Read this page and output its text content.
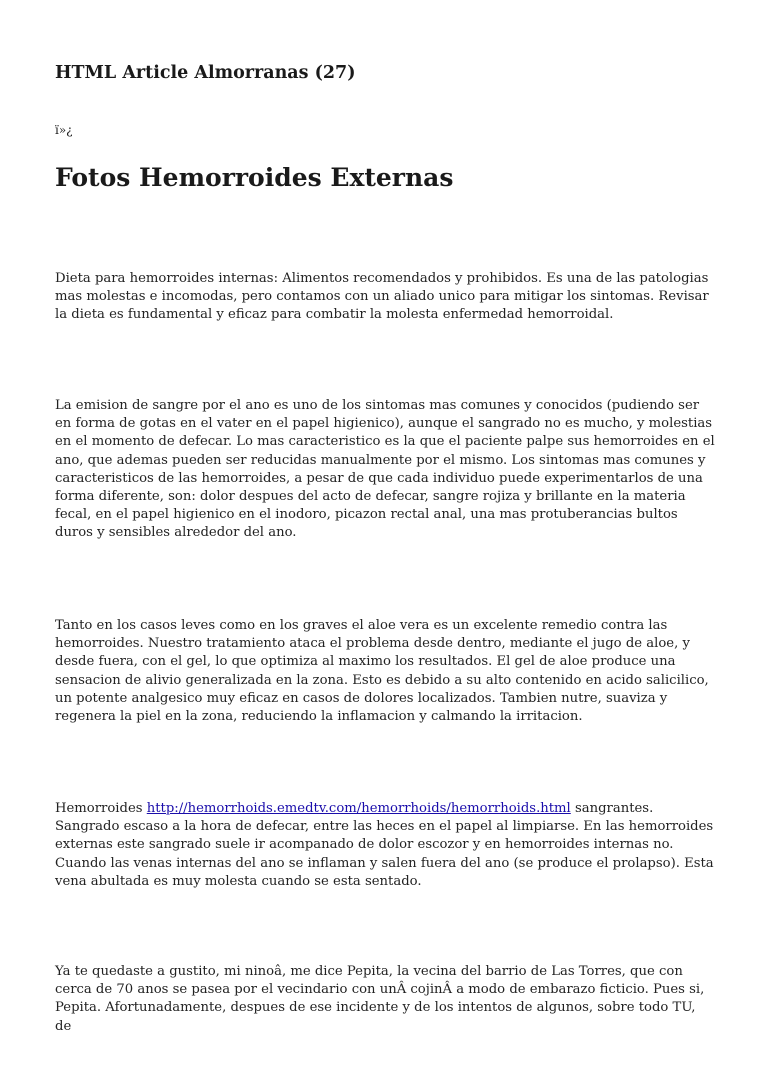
HTML Article Almorranas (27)

ï»¿

Fotos Hemorroides Externas

Dieta para hemorroides internas: Alimentos recomendados y prohibidos. Es una de las patologias mas molestas e incomodas, pero contamos con un aliado unico para mitigar los sintomas. Revisar la dieta es fundamental y eficaz para combatir la molesta enfermedad hemorroidal.

La emision de sangre por el ano es uno de los sintomas mas comunes y conocidos (pudiendo ser en forma de gotas en el vater en el papel higienico), aunque el sangrado no es mucho, y molestias en el momento de defecar. Lo mas caracteristico es la que el paciente palpe sus hemorroides en el ano, que ademas pueden ser reducidas manualmente por el mismo. Los sintomas mas comunes y caracteristicos de las hemorroides, a pesar de que cada individuo puede experimentarlos de una forma diferente, son: dolor despues del acto de defecar, sangre rojiza y brillante en la materia fecal, en el papel higienico en el inodoro, picazon rectal anal, una mas protuberancias bultos duros y sensibles alrededor del ano.

Tanto en los casos leves como en los graves el aloe vera es un excelente remedio contra las hemorroides. Nuestro tratamiento ataca el problema desde dentro, mediante el jugo de aloe, y desde fuera, con el gel, lo que optimiza al maximo los resultados. El gel de aloe produce una sensacion de alivio generalizada en la zona. Esto es debido a su alto contenido en acido salicilico, un potente analgesico muy eficaz en casos de dolores localizados. Tambien nutre, suaviza y regenera la piel en la zona, reduciendo la inflamacion y calmando la irritacion.

Hemorroides http://hemorrhoids.emedtv.com/hemorrhoids/hemorrhoids.html sangrantes. Sangrado escaso a la hora de defecar, entre las heces en el papel al limpiarse. En las hemorroides externas este sangrado suele ir acompanado de dolor escozor y en hemorroides internas no. Cuando las venas internas del ano se inflaman y salen fuera del ano (se produce el prolapso). Esta vena abultada es muy molesta cuando se esta sentado.

Ya te quedaste a gustito, mi ninoâ, me dice Pepita, la vecina del barrio de Las Torres, que con cerca de 70 anos se pasea por el vecindario con unÂ cojinÂ a modo de embarazo ficticio. Pues si, Pepita. Afortunadamente, despues de ese incidente y de los intentos de algunos, sobre todo TU, de
